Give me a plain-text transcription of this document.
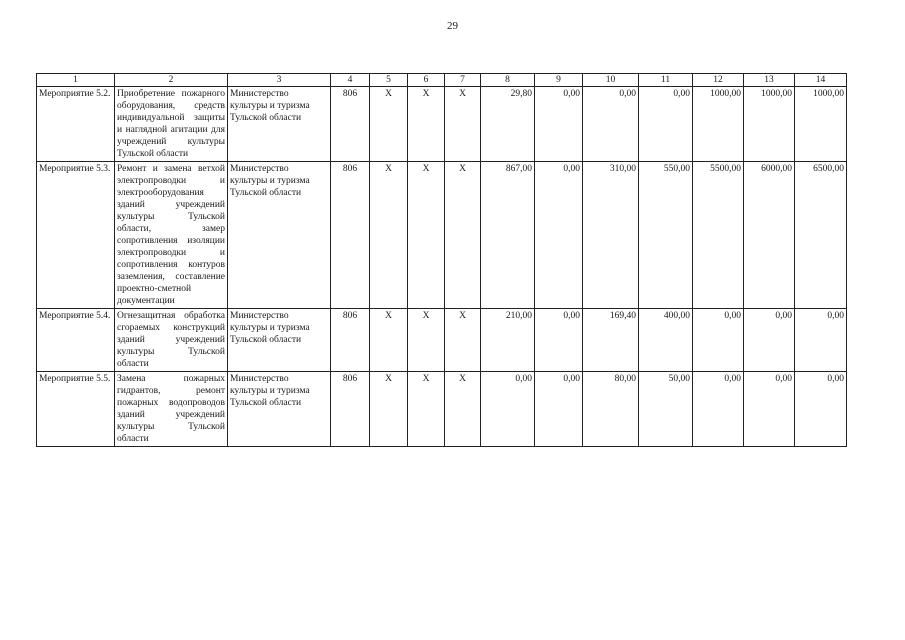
29
1	2	3	4	5	6	7	8	9	10	11	12	13	14
Мероприятие 5.2.	Приобретение пожарного оборудования, средств индивидуальной защиты и наглядной агитации для учреждений культуры Тульской области	Министерство культуры и туризма Тульской области	806	Х	Х	Х	29,80	0,00	0,00	0,00	1000,00	1000,00	1000,00
Мероприятие 5.3.	Ремонт и замена ветхой электропроводки и электрооборудования зданий учреждений культуры Тульской области, замер сопротивления изоляции электропроводки и сопротивления контуров заземления, составление проектно-сметной документации	Министерство культуры и туризма Тульской области	806	Х	Х	Х	867,00	0,00	310,00	550,00	5500,00	6000,00	6500,00
Мероприятие 5.4.	Огнезащитная обработка сгораемых конструкций зданий учреждений культуры Тульской области	Министерство культуры и туризма Тульской области	806	Х	Х	Х	210,00	0,00	169,40	400,00	0,00	0,00	0,00
Мероприятие 5.5.	Замена пожарных гидрантов, ремонт пожарных водопроводов зданий учреждений культуры Тульской области	Министерство культуры и туризма Тульской области	806	Х	Х	Х	0,00	0,00	80,00	50,00	0,00	0,00	0,00
